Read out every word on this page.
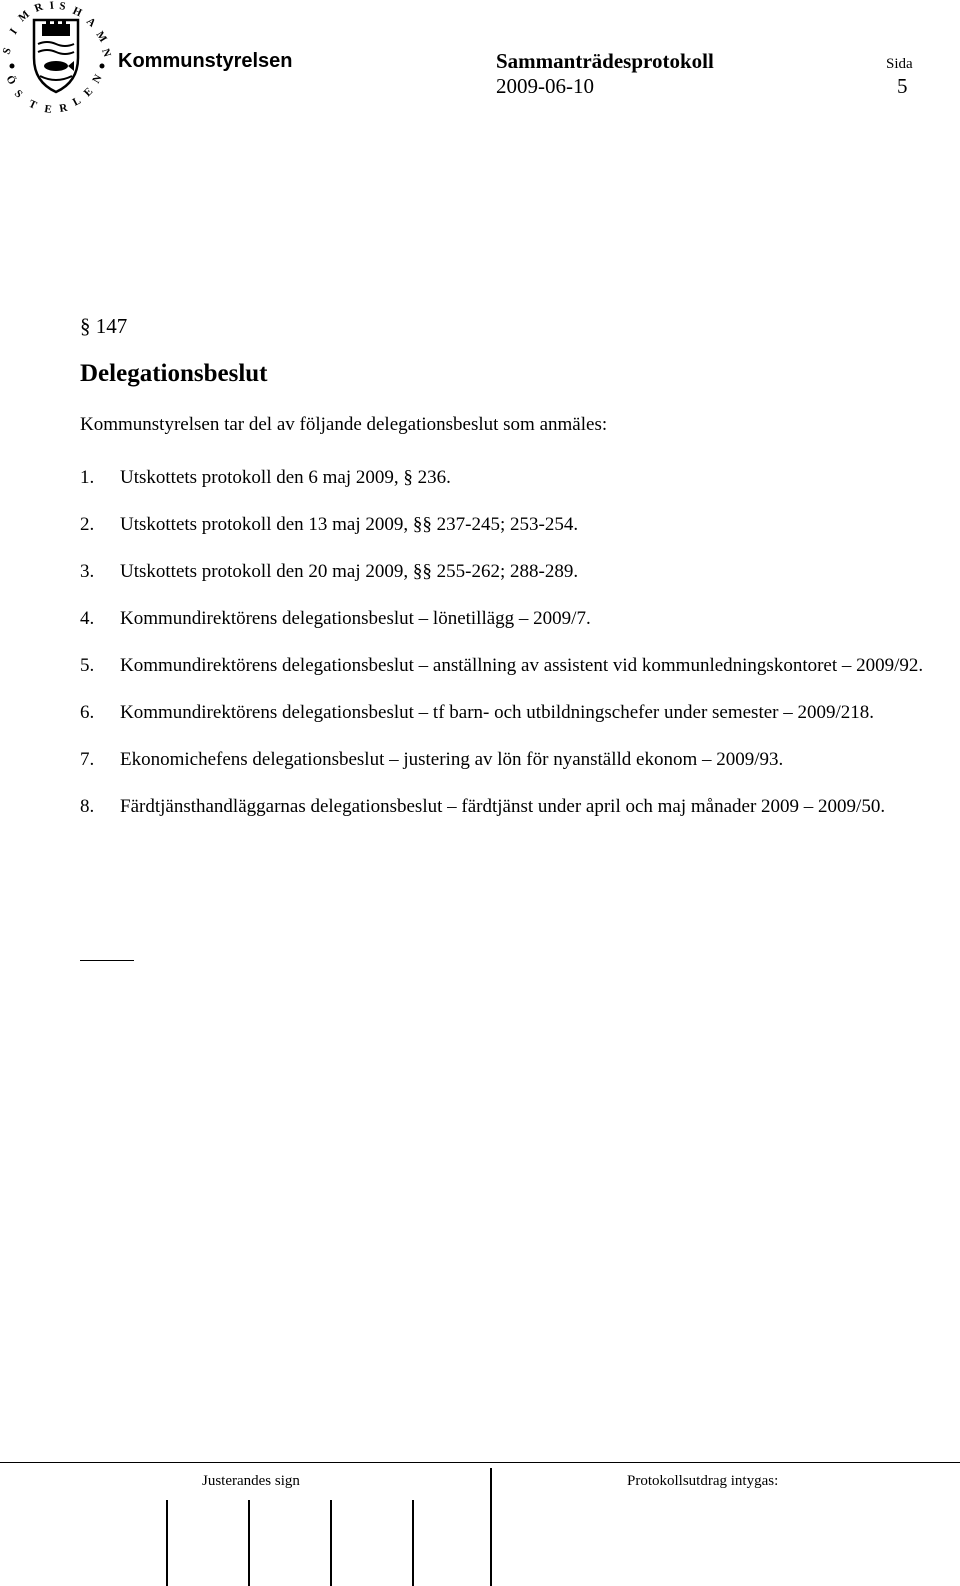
S
I
M
R I S H
A
M
N
Ö
S
T E R L
E
N
Kommunstyrelsen	Sammanträdesprotokoll	Sida
2009-06-10	5
§ 147
Delegationsbeslut
Kommunstyrelsen tar del av följande delegationsbeslut som anmäles:
1.	Utskottets protokoll den 6 maj 2009, § 236.
2.	Utskottets protokoll den 13 maj 2009, §§ 237-245; 253-254.
3.	Utskottets protokoll den 20 maj 2009, §§ 255-262; 288-289.
4.	Kommundirektörens delegationsbeslut – lönetillägg – 2009/7.
5.	Kommundirektörens delegationsbeslut – anställning av assistent vid kommunledningskontoret – 2009/92.
6.	Kommundirektörens delegationsbeslut – tf barn- och utbildningschefer under semester – 2009/218.
7.	Ekonomichefens delegationsbeslut – justering av lön för nyanställd ekonom – 2009/93.
8.	Färdtjänsthandläggarnas delegationsbeslut – färdtjänst under april och maj månader 2009 – 2009/50.
Justerandes sign	Protokollsutdrag intygas:
